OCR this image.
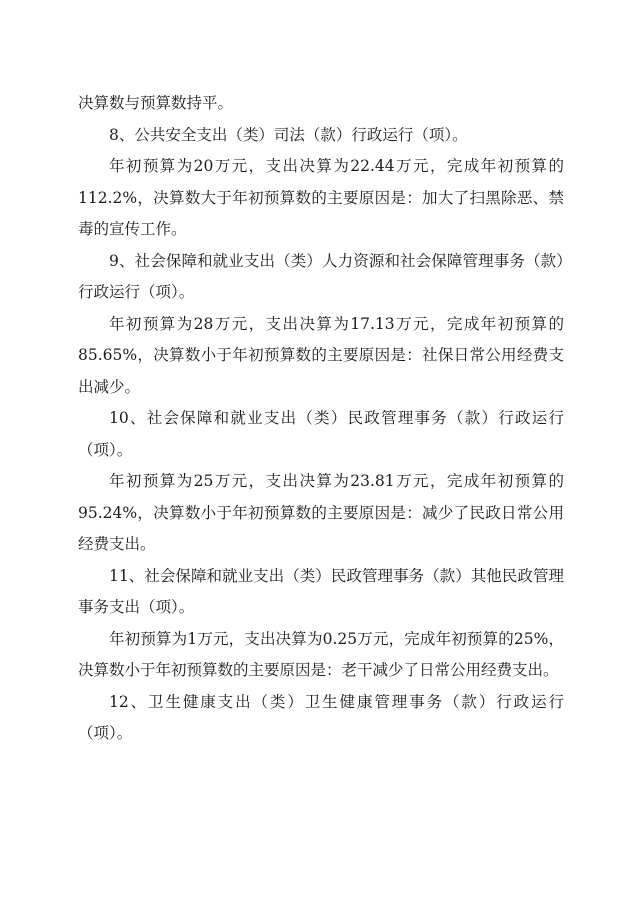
决算数与预算数持平。

8、公共安全支出（类）司法（款）行政运行（项）。

年初预算为20万元，支出决算为22.44万元，完成年初预算的112.2%，决算数大于年初预算数的主要原因是：加大了扫黑除恶、禁毒的宣传工作。

9、社会保障和就业支出（类）人力资源和社会保障管理事务（款）行政运行（项）。

年初预算为28万元，支出决算为17.13万元，完成年初预算的85.65%，决算数小于年初预算数的主要原因是：社保日常公用经费支出减少。

10、社会保障和就业支出（类）民政管理事务（款）行政运行（项）。

年初预算为25万元，支出决算为23.81万元，完成年初预算的95.24%，决算数小于年初预算数的主要原因是：减少了民政日常公用经费支出。

11、社会保障和就业支出（类）民政管理事务（款）其他民政管理事务支出（项）。

年初预算为1万元，支出决算为0.25万元，完成年初预算的25%，决算数小于年初预算数的主要原因是：老干减少了日常公用经费支出。

12、卫生健康支出（类）卫生健康管理事务（款）行政运行（项）。
